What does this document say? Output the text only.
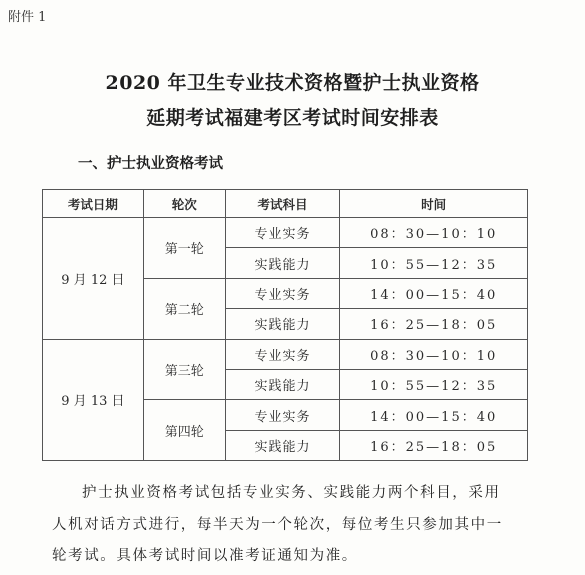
附件 1
2020 年卫生专业技术资格暨护士执业资格
延期考试福建考区考试时间安排表
一、护士执业资格考试
考试日期	轮次	考试科目	时间
9 月 12 日	第一轮	专业实务	08：30—10：10
		实践能力	10：55—12：35
	第二轮	专业实务	14：00—15：40
		实践能力	16：25—18：05
9 月 13 日	第三轮	专业实务	08：30—10：10
		实践能力	10：55—12：35
	第四轮	专业实务	14：00—15：40
		实践能力	16：25—18：05

护士执业资格考试包括专业实务、实践能力两个科目，采用

人机对话方式进行，每半天为一个轮次，每位考生只参加其中一

轮考试。具体考试时间以准考证通知为准。
